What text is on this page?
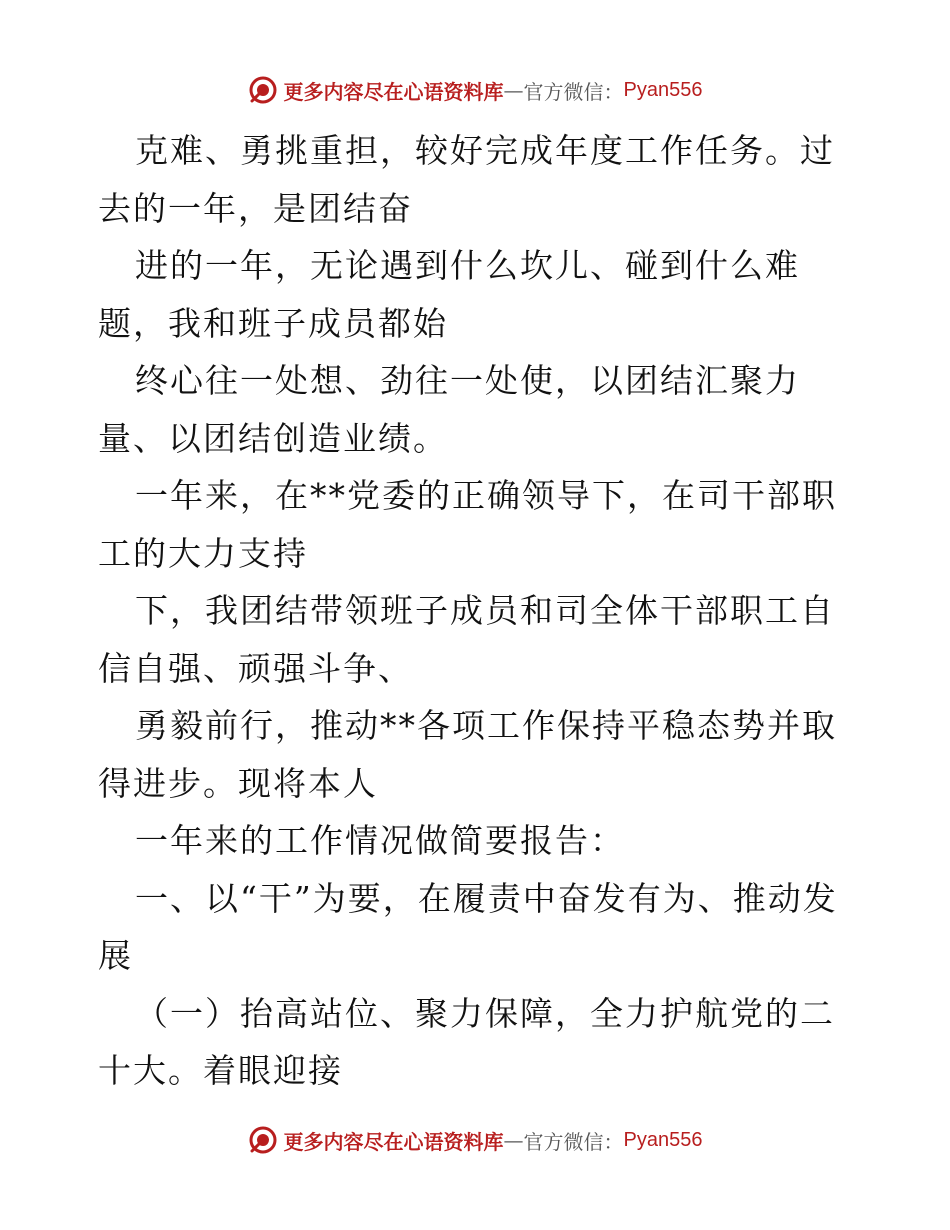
更多内容尽在心语资料库 — 官方微信： Pyan556

克难、勇挑重担，较好完成年度工作任务。过去的一年，是团结奋

进的一年，无论遇到什么坎儿、碰到什么难题，我和班子成员都始

终心往一处想、劲往一处使，以团结汇聚力量、以团结创造业绩。

一年来，在**党委的正确领导下，在司干部职工的大力支持

下，我团结带领班子成员和司全体干部职工自信自强、顽强斗争、

勇毅前行，推动**各项工作保持平稳态势并取得进步。现将本人

一年来的工作情况做简要报告：

一、以“干”为要，在履责中奋发有为、推动发展

（一）抬高站位、聚力保障，全力护航党的二十大。着眼迎接

更多内容尽在心语资料库 — 官方微信： Pyan556
